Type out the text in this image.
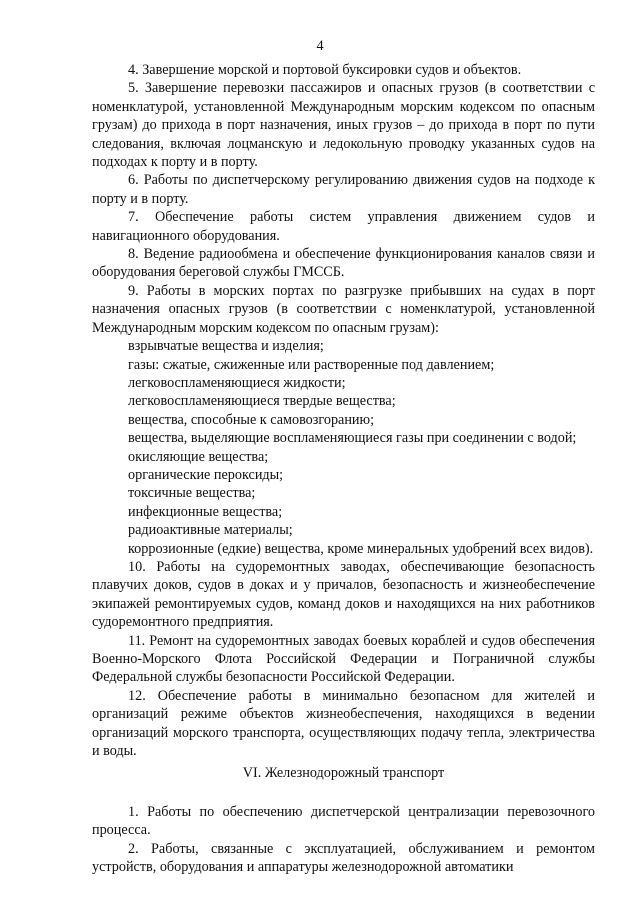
4

4. Завершение морской и портовой буксировки судов и объектов.

5. Завершение перевозки пассажиров и опасных грузов (в соответствии с номенклатурой, установленной Международным морским кодексом по опасным грузам) до прихода в порт назначения, иных грузов – до прихода в порт по пути следования, включая лоцманскую и ледокольную проводку указанных судов на подходах к порту и в порту.

6. Работы по диспетчерскому регулированию движения судов на подходе к порту и в порту.

7. Обеспечение работы систем управления движением судов и навигационного оборудования.

8. Ведение радиообмена и обеспечение функционирования каналов связи и оборудования береговой службы ГМССБ.

9. Работы в морских портах по разгрузке прибывших на судах в порт назначения опасных грузов (в соответствии с номенклатурой, установленной Международным морским кодексом по опасным грузам):

взрывчатые вещества и изделия;

газы: сжатые, сжиженные или растворенные под давлением;

легковоспламеняющиеся жидкости;

легковоспламеняющиеся твердые вещества;

вещества, способные к самовозгоранию;

вещества, выделяющие воспламеняющиеся газы при соединении с водой;

окисляющие вещества;

органические пероксиды;

токсичные вещества;

инфекционные вещества;

радиоактивные материалы;

коррозионные (едкие) вещества, кроме минеральных удобрений всех видов).

10. Работы на судоремонтных заводах, обеспечивающие безопасность плавучих доков, судов в доках и у причалов, безопасность и жизнеобеспечение экипажей ремонтируемых судов, команд доков и находящихся на них работников судоремонтного предприятия.

11. Ремонт на судоремонтных заводах боевых кораблей и судов обеспечения Военно-Морского Флота Российской Федерации и Пограничной службы Федеральной службы безопасности Российской Федерации.

12. Обеспечение работы в минимально безопасном для жителей и организаций режиме объектов жизнеобеспечения, находящихся в ведении организаций морского транспорта, осуществляющих подачу тепла, электричества и воды.

VI. Железнодорожный транспорт

1. Работы по обеспечению диспетчерской централизации перевозочного процесса.

2. Работы, связанные с эксплуатацией, обслуживанием и ремонтом устройств, оборудования и аппаратуры железнодорожной автоматики
